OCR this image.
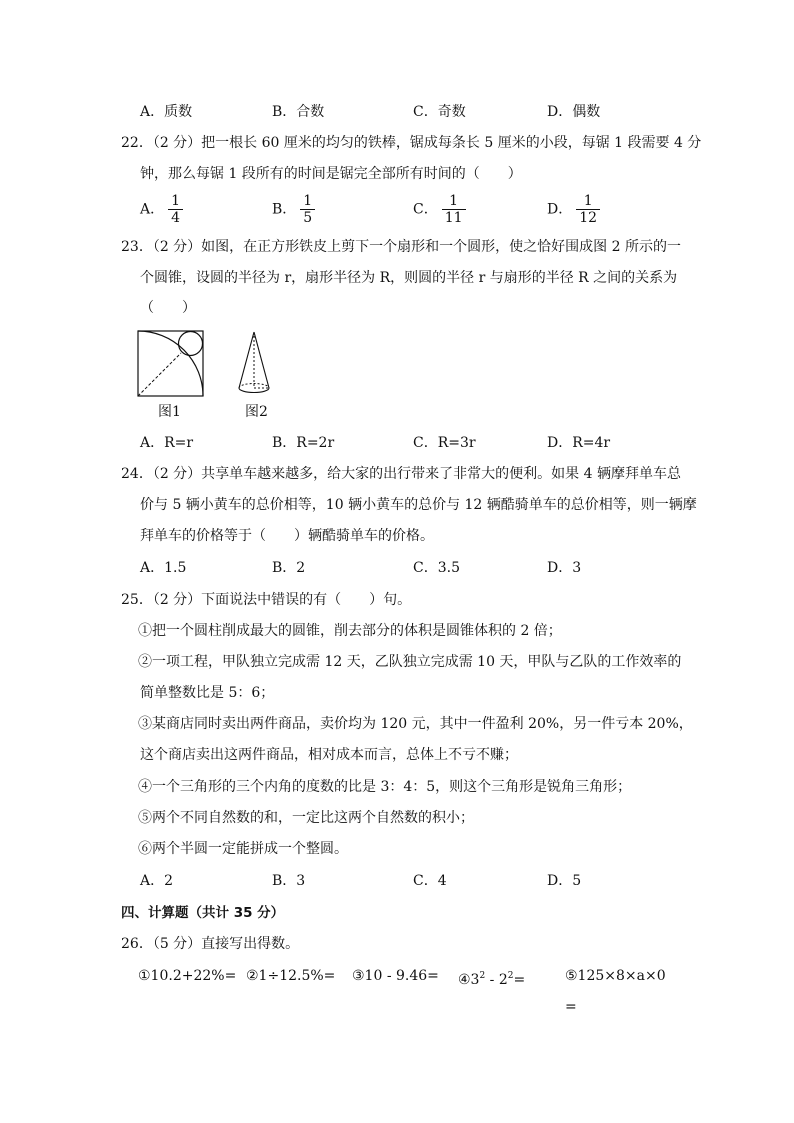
A．质数	B．合数	C．奇数	D．偶数
22．（2 分）把一根长 60 厘米的均匀的铁棒，锯成每条长 5 厘米的小段，每锯 1 段需要 4 分
钟，那么每锯 1 段所有的时间是锯完全部所有时间的（　　）
A． $\frac{1}{4}$	B． $\frac{1}{5}$	C． $\frac{1}{11}$	D． $\frac{1}{12}$
23．（2 分）如图，在正方形铁皮上剪下一个扇形和一个圆形，使之恰好围成图 2 所示的一
个圆锥，设圆的半径为 r，扇形半径为 R，则圆的半径 r 与扇形的半径 R 之间的关系为
（　　）
图1	图2
A．R=r	B．R=2r	C．R=3r	D．R=4r
24．（2 分）共享单车越来越多，给大家的出行带来了非常大的便利。如果 4 辆摩拜单车总
价与 5 辆小黄车的总价相等，10 辆小黄车的总价与 12 辆酷骑单车的总价相等，则一辆摩
拜单车的价格等于（　　）辆酷骑单车的价格。
A．1.5	B．2	C．3.5	D．3
25．（2 分）下面说法中错误的有（　　）句。
①把一个圆柱削成最大的圆锥，削去部分的体积是圆锥体积的 2 倍；
②一项工程，甲队独立完成需 12 天，乙队独立完成需 10 天，甲队与乙队的工作效率的
简单整数比是 5：6；
③某商店同时卖出两件商品，卖价均为 120 元，其中一件盈利 20%，另一件亏本 20%，
这个商店卖出这两件商品，相对成本而言，总体上不亏不赚；
④一个三角形的三个内角的度数的比是 3：4：5，则这个三角形是锐角三角形；
⑤两个不同自然数的和，一定比这两个自然数的积小；
⑥两个半圆一定能拼成一个整圆。
A．2	B．3	C．4	D．5
四、计算题（共计 35 分）
26．（5 分）直接写出得数。
①10.2+22%= ②1÷12.5%= ③10 - $9.46= ④3^2 - 2^2=$	⑤125×8×a×0
=
